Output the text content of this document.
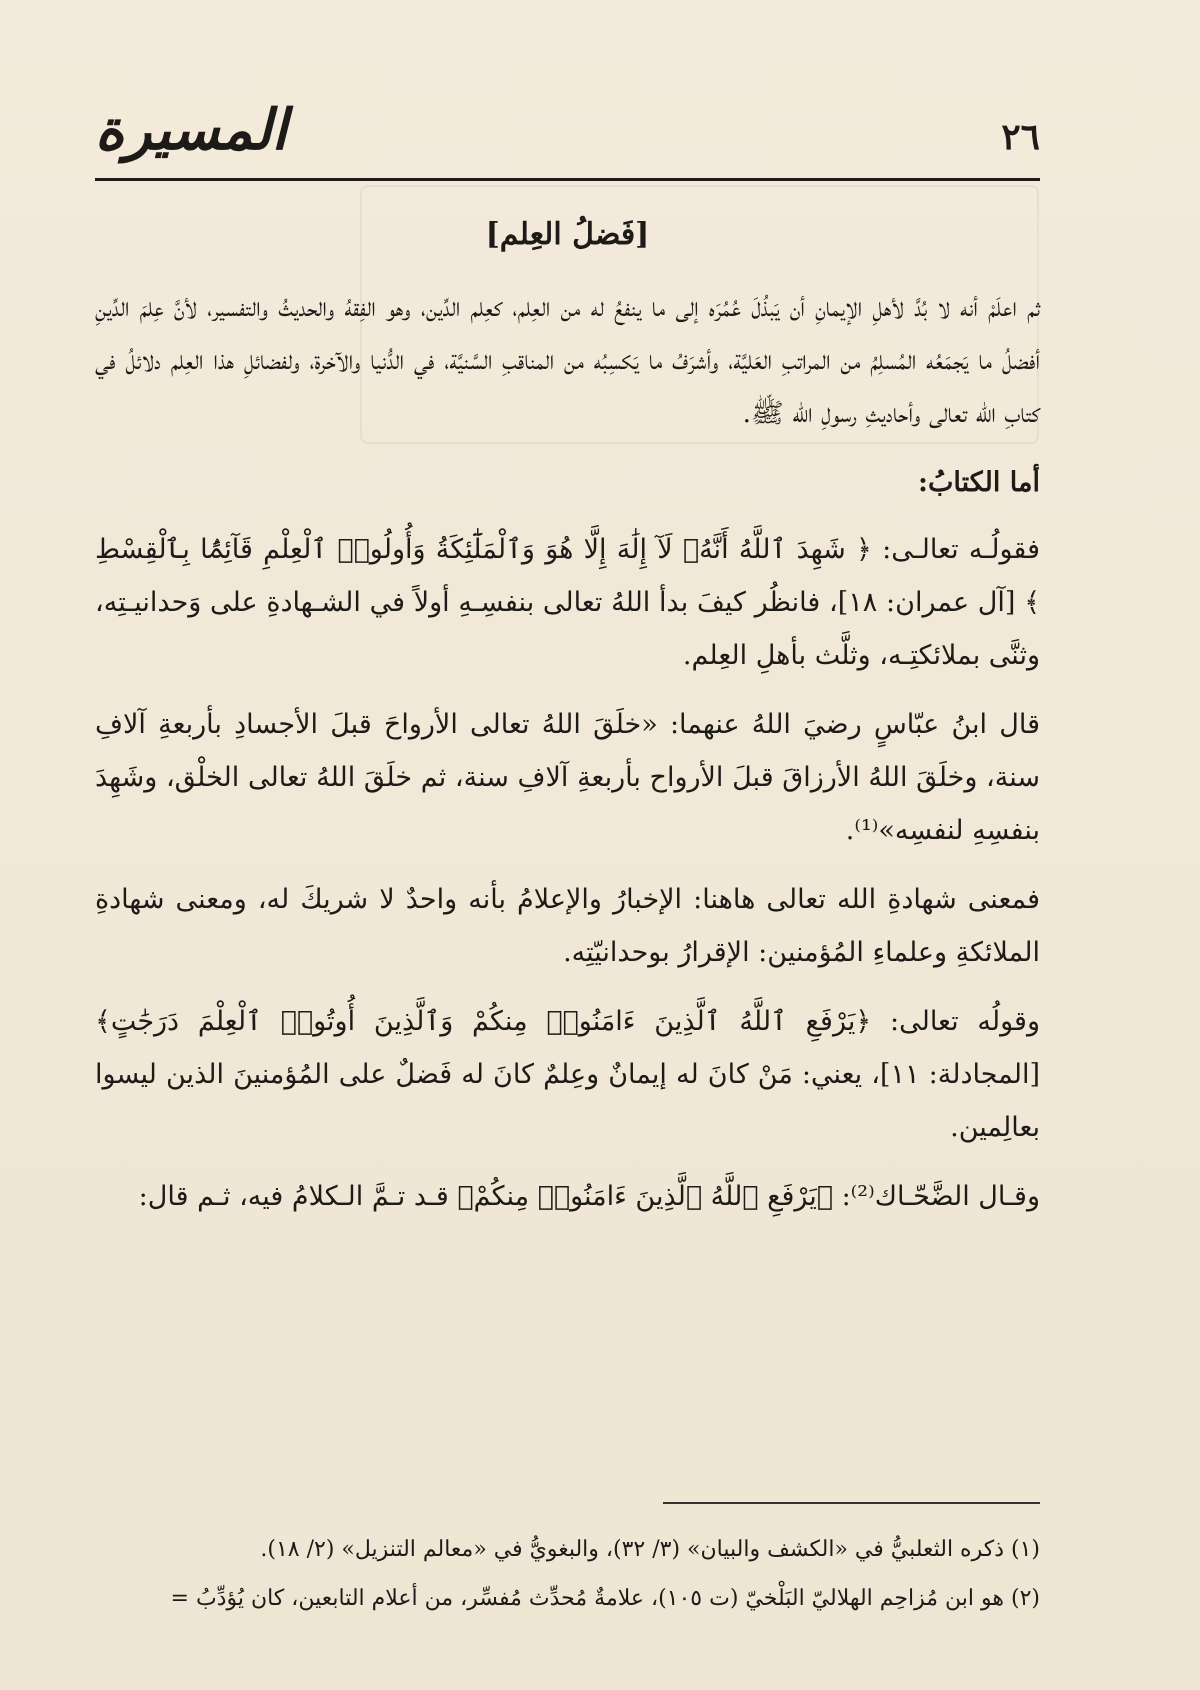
٢٦
المسيرة
[فَضلُ العِلم]

ثم اعلَمْ أنه لا بُدَّ لأهلِ الإيمانِ أن يَبذُلَ عُمُرَه إلى ما ينفعُ له من العِلم، كعِلم الدِّين، وهو الفِقهُ والحديثُ والتفسير، لأنَّ عِلمَ الدِّينِ أفضلُ ما يَجمَعُه المُسلِمُ من المراتبِ العَليَّة، وأشرَفُ ما يَكسِبُه من المناقبِ السَّنيَّة، في الدُّنيا والآخرة، ولفضائلِ هذا العِلم دلائلُ في كتابِ الله تعالى وأحاديثِ رسولِ الله ﷺ.

أما الكتابُ:

فقولُـه تعالـى: ﴿ شَهِدَ ٱللَّهُ أَنَّهُۥ لَآ إِلَٰهَ إِلَّا هُوَ وَٱلْمَلَٰٓئِكَةُ وَأُولُوا۟ ٱلْعِلْمِ قَآئِمًۢا بِٱلْقِسْطِ ﴾ [آل عمران: ١٨]، فانظُر كيفَ بدأ اللهُ تعالى بنفسِـهِ أولاً في الشـهادةِ على وَحدانيـتِه، وثنَّى بملائكتِـه، وثلَّث بأهلِ العِلم.

قال ابنُ عبّاسٍ رضيَ اللهُ عنهما: «خلَقَ اللهُ تعالى الأرواحَ قبلَ الأجسادِ بأربعةِ آلافِ سنة، وخلَقَ اللهُ الأرزاقَ قبلَ الأرواح بأربعةِ آلافِ سنة، ثم خلَقَ اللهُ تعالى الخلْق، وشَهِدَ بنفسِهِ لنفسِه»⁽¹⁾.

فمعنى شهادةِ الله تعالى هاهنا: الإخبارُ والإعلامُ بأنه واحدٌ لا شريكَ له، ومعنى شهادةِ الملائكةِ وعلماءِ المُؤمنين: الإقرارُ بوحدانيّتِه.

وقولُه تعالى: ﴿يَرْفَعِ ٱللَّهُ ٱلَّذِينَ ءَامَنُوا۟ مِنكُمْ وَٱلَّذِينَ أُوتُوا۟ ٱلْعِلْمَ دَرَجَٰتٍ﴾ [المجادلة: ١١]، يعني: مَنْ كانَ له إيمانٌ وعِلمٌ كانَ له فَضلٌ على المُؤمنينَ الذين ليسوا بعالِمين.

وقـال الضَّحّـاك⁽²⁾: ﴿يَرْفَعِ ٱللَّهُ ٱلَّذِينَ ءَامَنُوا۟ مِنكُمْ﴾ قـد تـمَّ الـكلامُ فيه، ثـم قال:

(١) ذكره الثعلبيُّ في «الكشف والبيان» (٣/ ٣٢)، والبغويُّ في «معالم التنزيل» (٢/ ١٨).

(٢) هو ابن مُزاحِم الهلاليّ البَلْخيّ (ت ١٠٥)، علامةٌ مُحدِّث مُفسِّر، من أعلام التابعين، كان يُؤدِّبُ =
